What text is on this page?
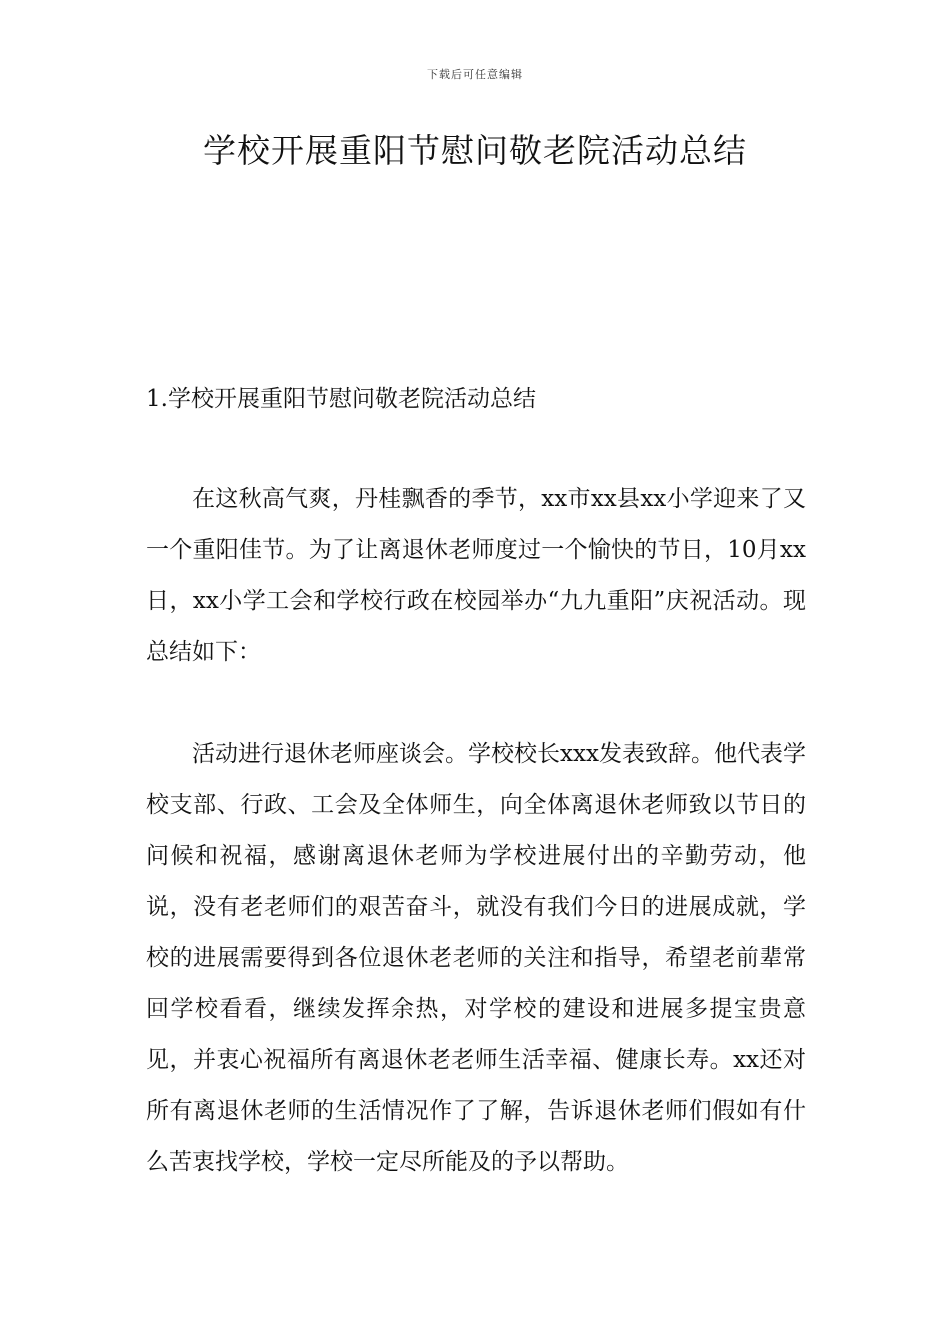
下载后可任意编辑
学校开展重阳节慰问敬老院活动总结

1.学校开展重阳节慰问敬老院活动总结

在这秋高气爽，丹桂飘香的季节，xx市xx县xx小学迎来了又一个重阳佳节。为了让离退休老师度过一个愉快的节日，10月xx日，xx小学工会和学校行政在校园举办“九九重阳”庆祝活动。现总结如下：

活动进行退休老师座谈会。学校校长xxx发表致辞。他代表学校支部、行政、工会及全体师生，向全体离退休老师致以节日的问候和祝福，感谢离退休老师为学校进展付出的辛勤劳动，他说，没有老老师们的艰苦奋斗，就没有我们今日的进展成就，学校的进展需要得到各位退休老老师的关注和指导，希望老前辈常回学校看看，继续发挥余热，对学校的建设和进展多提宝贵意见，并衷心祝福所有离退休老老师生活幸福、健康长寿。xx还对所有离退休老师的生活情况作了了解，告诉退休老师们假如有什么苦衷找学校，学校一定尽所能及的予以帮助。
